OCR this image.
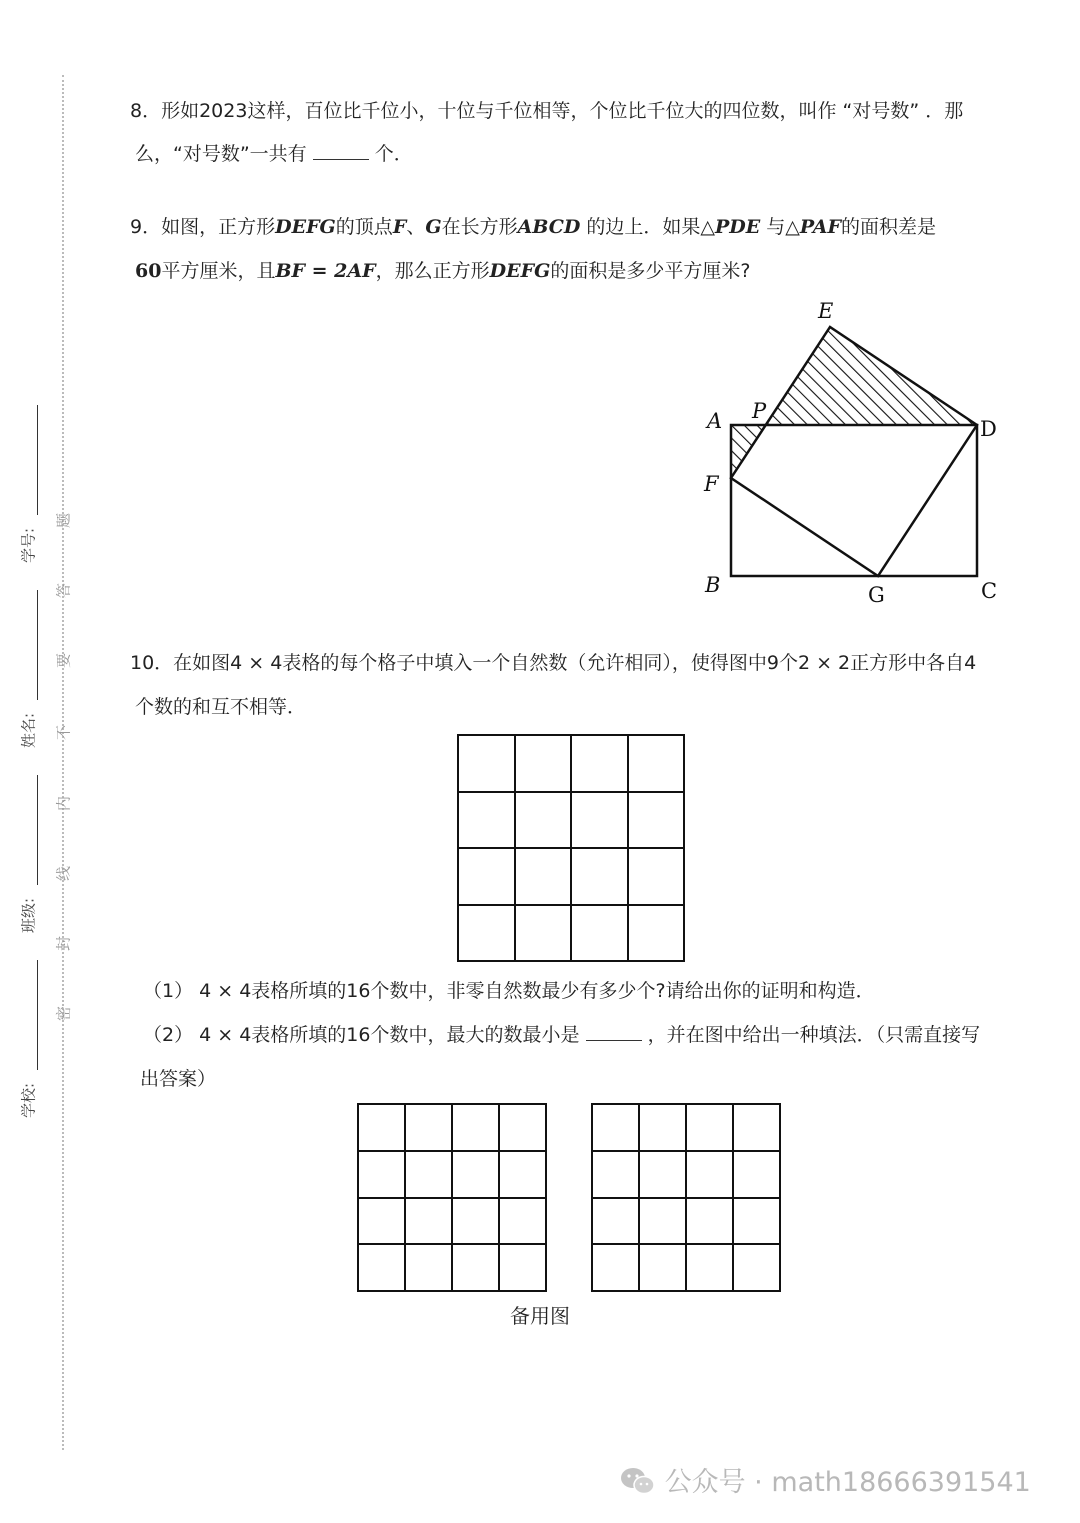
题
答
要
不
内
线
封
密
学号:
姓名:
班级:
学校:
8．形如2023这样，百位比千位小，十位与千位相等，个位比千位大的四位数，叫作 “对号数” ．那
么，“对号数”一共有	个．
9．如图，正方形DEFG的顶点F、G在长方形ABCD 的边上．如果△PDE 与△PAF的面积差是
60平方厘米，且BF = 2AF，那么正方形DEFG的面积是多少平方厘米?
E
A P
D
F
B	G	C
10．在如图4 × 4表格的每个格子中填入一个自然数（允许相同），使得图中9个2 × 2正方形中各自4
个数的和互不相等．

（1） 4 × 4表格所填的16个数中，非零自然数最少有多少个?请给出你的证明和构造．
（2） 4 × 4表格所填的16个数中，最大的数最小是	，并在图中给出一种填法．（只需直接写
出答案）

备用图
公众号 · math18666391541
